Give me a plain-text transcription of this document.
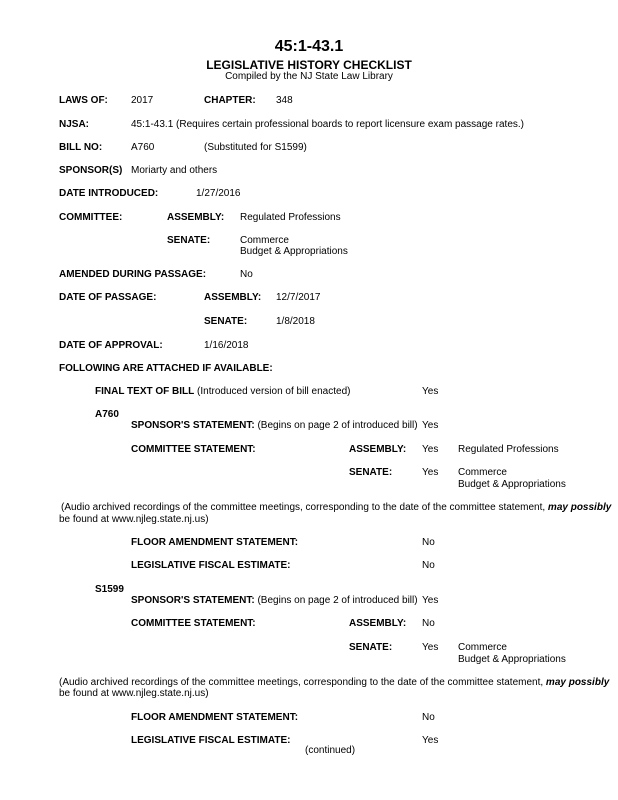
45:1-43.1
LEGISLATIVE HISTORY CHECKLIST
Compiled by the NJ State Law Library
LAWS OF: 2017	CHAPTER: 348
NJSA:	45:1-43.1 (Requires certain professional boards to report licensure exam passage rates.)
BILL NO:	A760	(Substituted for S1599)
SPONSOR(S) Moriarty and others
DATE INTRODUCED:	1/27/2016
COMMITTEE:	ASSEMBLY: Regulated Professions
SENATE:	Commerce
Budget & Appropriations
AMENDED DURING PASSAGE:	No
DATE OF PASSAGE:	ASSEMBLY: 12/7/2017
SENATE:	1/8/2018
DATE OF APPROVAL:	1/16/2018
FOLLOWING ARE ATTACHED IF AVAILABLE:
FINAL TEXT OF BILL (Introduced version of bill enacted)	Yes
A760
SPONSOR'S STATEMENT: (Begins on page 2 of introduced bill) Yes
COMMITTEE STATEMENT:	ASSEMBLY: Yes Regulated Professions
SENATE:	Yes Commerce
Budget & Appropriations
(Audio archived recordings of the committee meetings, corresponding to the date of the committee statement, may possibly
be found at www.njleg.state.nj.us)
FLOOR AMENDMENT STATEMENT:	No
LEGISLATIVE FISCAL ESTIMATE:	No
S1599
SPONSOR'S STATEMENT: (Begins on page 2 of introduced bill) Yes
COMMITTEE STATEMENT:	ASSEMBLY: No
SENATE:	Yes Commerce
Budget & Appropriations
(Audio archived recordings of the committee meetings, corresponding to the date of the committee statement, may possibly
be found at www.njleg.state.nj.us)
FLOOR AMENDMENT STATEMENT:	No
LEGISLATIVE FISCAL ESTIMATE:	Yes
(continued)
